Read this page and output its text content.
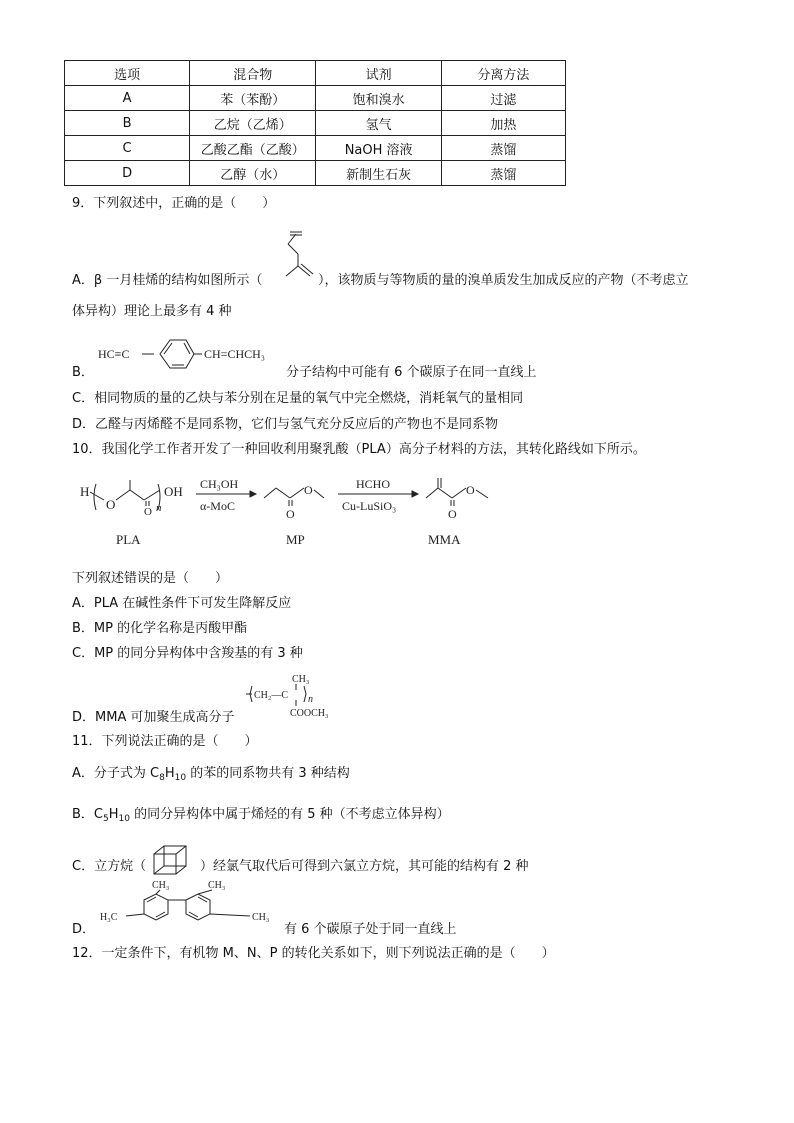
选项	混合物	试剂	分离方法
A	苯（苯酚）	饱和溴水	过滤
B	乙烷（乙烯）	氢气	加热
C	乙酸乙酯（乙酸）	NaOH 溶液	蒸馏
D	乙醇（水）	新制生石灰	蒸馏
9．下列叙述中，正确的是（　　）
A．β 一月桂烯的结构如图所示（	），该物质与等物质的量的溴单质发生加成反应的产物（不考虑立
体异构）理论上最多有 4 种
B．
HC≡C	CH=CHCH₃
分子结构中可能有 6 个碳原子在同一直线上
C．相同物质的量的乙炔与苯分别在足量的氧气中完全燃烧，消耗氧气的量相同
D．乙醛与丙烯醛不是同系物，它们与氢气充分反应后的产物也不是同系物
10．我国化学工作者开发了一种回收利用聚乳酸（PLA）高分子材料的方法，其转化路线如下所示。
H
O
OH
n
O
CH₃OH
α-MoC
O
O
HCHO
Cu-LuSiO₃
O
O
PLA	MP	MMA
下列叙述错误的是（　　）
A．PLA 在碱性条件下可发生降解反应
B．MP 的化学名称是丙酸甲酯
C．MP 的同分异构体中含羧基的有 3 种
CH₃
CH₂—C n
COOCH₃
D．MMA 可加聚生成高分子
11．下列说法正确的是（　　）
A．分子式为 $C_8H_{10}$ 的苯的同系物共有 3 种结构
B．$C_5H_{10}$ 的同分异构体中属于烯烃的有 5 种（不考虑立体异构）
C．立方烷（	）经氯气取代后可得到六氯立方烷，其可能的结构有 2 种
D．
CH₃	CH₃
H₃C	CH₃
有 6 个碳原子处于同一直线上
12．一定条件下，有机物 M、N、P 的转化关系如下，则下列说法正确的是（　　）
